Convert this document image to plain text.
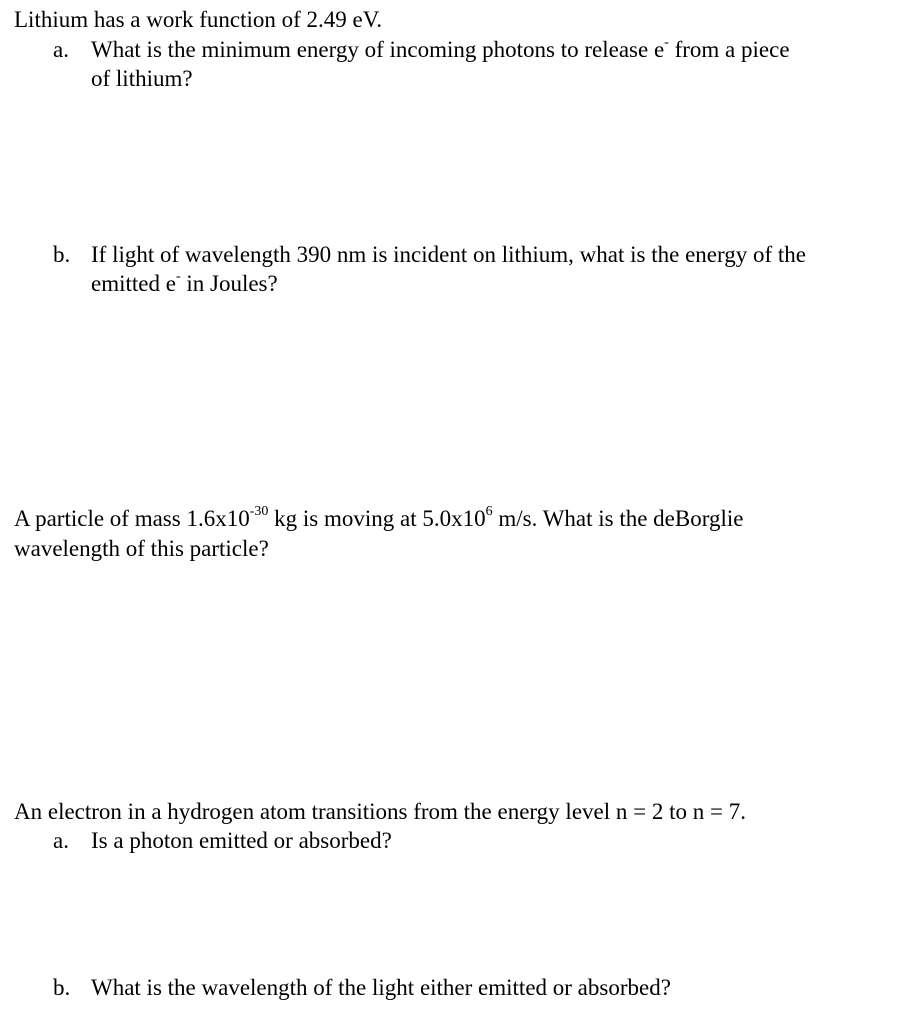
Lithium has a work function of 2.49 eV.
a. What is the minimum energy of incoming photons to release e- from a piece
of lithium?
b. If light of wavelength 390 nm is incident on lithium, what is the energy of the
emitted e- in Joules?
A particle of mass $1.6x10^{-30}$ kg is moving at $5.0x10^6$ m/s. What is the deBorglie
wavelength of this particle?
An electron in a hydrogen atom transitions from the energy level n = 2 to n = 7.
a. Is a photon emitted or absorbed?
b. What is the wavelength of the light either emitted or absorbed?
